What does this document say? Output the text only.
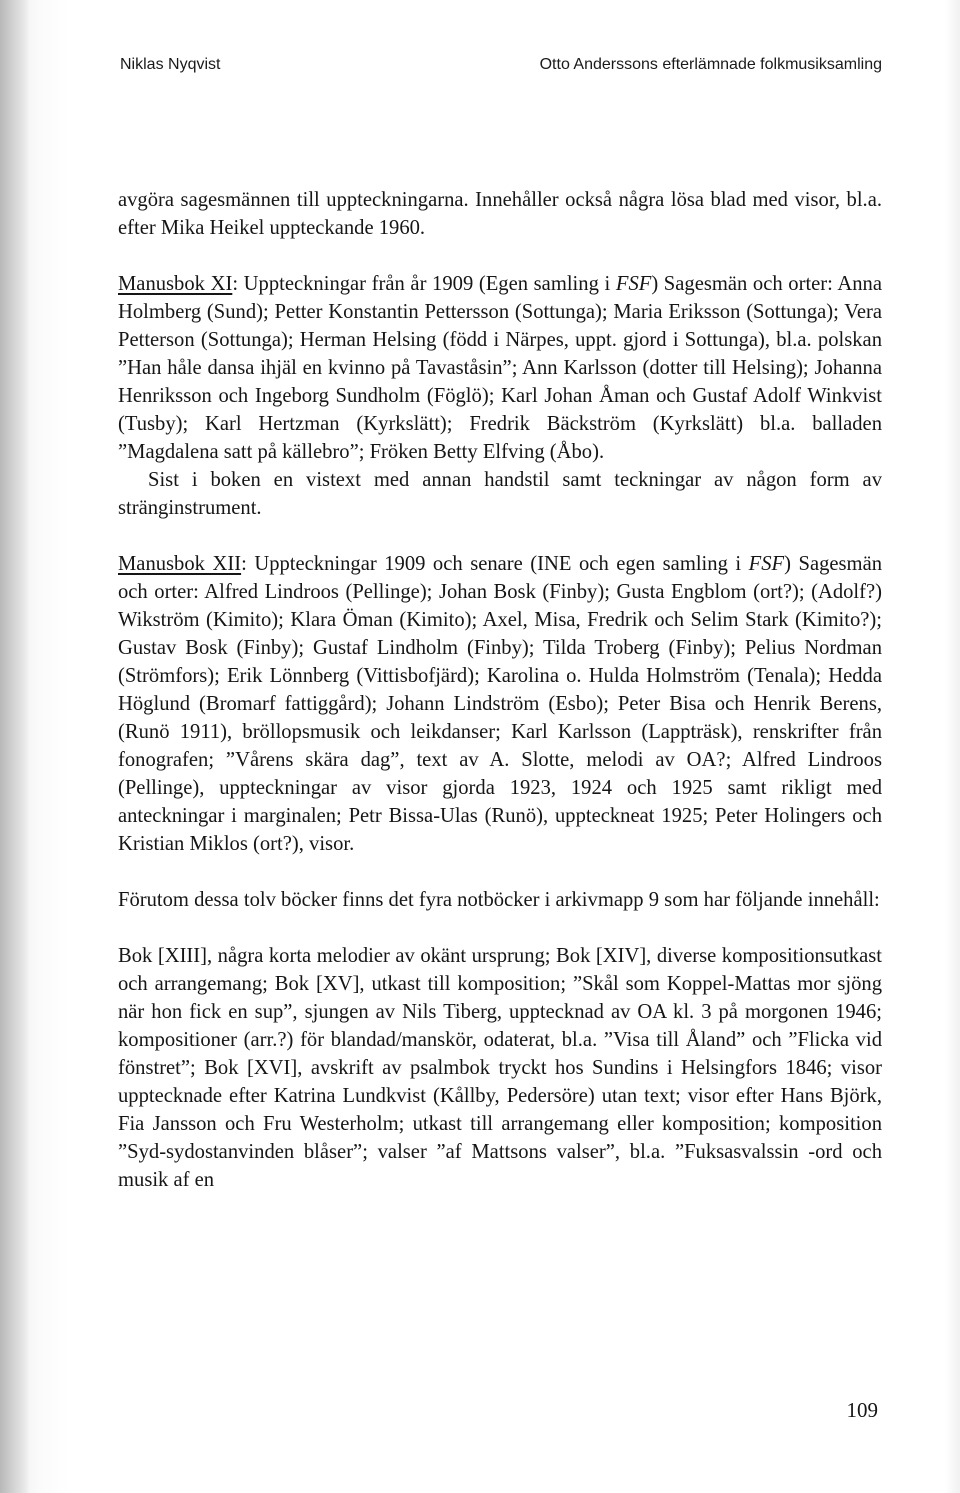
Niklas Nyqvist	Otto Anderssons efterlämnade folkmusiksamling

avgöra sagesmännen till uppteckningarna. Innehåller också några lösa blad med visor, bl.a. efter Mika Heikel uppteckande 1960.

Manusbok XI: Uppteckningar från år 1909 (Egen samling i FSF) Sagesmän och orter: Anna Holmberg (Sund); Petter Konstantin Pettersson (Sottunga); Maria Eriksson (Sottunga); Vera Petterson (Sottunga); Herman Helsing (född i Närpes, uppt. gjord i Sottunga), bl.a. polskan ”Han håle dansa ihjäl en kvinno på Tavaståsin”; Ann Karlsson (dotter till Helsing); Johanna Henriksson och Ingeborg Sundholm (Föglö); Karl Johan Åman och Gustaf Adolf Winkvist (Tusby); Karl Hertzman (Kyrkslätt); Fredrik Bäckström (Kyrkslätt) bl.a. balladen ”Magdalena satt på källebro”; Fröken Betty Elfving (Åbo).

Sist i boken en vistext med annan handstil samt teckningar av någon form av stränginstrument.

Manusbok XII: Uppteckningar 1909 och senare (INE och egen samling i FSF) Sagesmän och orter: Alfred Lindroos (Pellinge); Johan Bosk (Finby); Gusta Engblom (ort?); (Adolf?) Wikström (Kimito); Klara Öman (Kimito); Axel, Misa, Fredrik och Selim Stark (Kimito?); Gustav Bosk (Finby); Gustaf Lindholm (Finby); Tilda Troberg (Finby); Pelius Nordman (Strömfors); Erik Lönnberg (Vittisbofjärd); Karolina o. Hulda Holmström (Tenala); Hedda Höglund (Bromarf fattiggård); Johann Lindström (Esbo); Peter Bisa och Henrik Berens, (Runö 1911), bröllopsmusik och leikdanser; Karl Karlsson (Lappträsk), renskrifter från fonografen; ”Vårens skära dag”, text av A. Slotte, melodi av OA?; Alfred Lindroos (Pellinge), uppteckningar av visor gjorda 1923, 1924 och 1925 samt rikligt med anteckningar i marginalen; Petr Bissa-Ulas (Runö), uppteckneat 1925; Peter Holingers och Kristian Miklos (ort?), visor.

Förutom dessa tolv böcker finns det fyra notböcker i arkivmapp 9 som har följande innehåll:

Bok [XIII], några korta melodier av okänt ursprung; Bok [XIV], diverse kompositionsutkast och arrangemang; Bok [XV], utkast till komposition; ”Skål som Koppel-Mattas mor sjöng när hon fick en sup”, sjungen av Nils Tiberg, upptecknad av OA kl. 3 på morgonen 1946; kompositioner (arr.?) för blandad/manskör, odaterat, bl.a. ”Visa till Åland” och ”Flicka vid fönstret”; Bok [XVI], avskrift av psalmbok tryckt hos Sundins i Helsingfors 1846; visor upptecknade efter Katrina Lundkvist (Kållby, Pedersöre) utan text; visor efter Hans Björk, Fia Jansson och Fru Westerholm; utkast till arrangemang eller komposition; komposition ”Syd-sydostanvinden blåser”; valser ”af Mattsons valser”, bl.a. ”Fuksasvalssin -ord och musik af en

109
